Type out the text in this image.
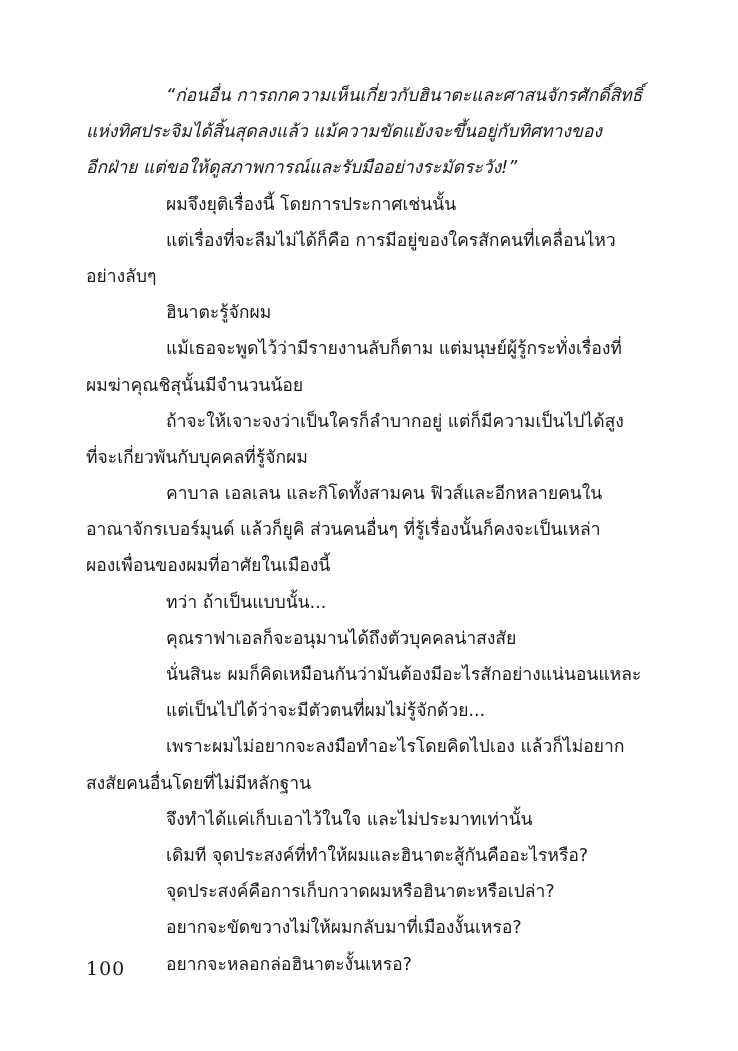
“ก่อนอื่น การถกความเห็นเกี่ยวกับฮินาตะและศาสนจักรศักดิ์สิทธิ์
แห่งทิศประจิมได้สิ้นสุดลงแล้ว แม้ความขัดแย้งจะขึ้นอยู่กับทิศทางของ
อีกฝ่าย แต่ขอให้ดูสภาพการณ์และรับมืออย่างระมัดระวัง!”
ผมจึงยุติเรื่องนี้ โดยการประกาศเช่นนั้น
แต่เรื่องที่จะลืมไม่ได้ก็คือ การมีอยู่ของใครสักคนที่เคลื่อนไหว
อย่างลับๆ
ฮินาตะรู้จักผม
แม้เธอจะพูดไว้ว่ามีรายงานลับก็ตาม แต่มนุษย์ผู้รู้กระทั่งเรื่องที่
ผมฆ่าคุณชิสุนั้นมีจำนวนน้อย
ถ้าจะให้เจาะจงว่าเป็นใครก็ลำบากอยู่ แต่ก็มีความเป็นไปได้สูง
ที่จะเกี่ยวพันกับบุคคลที่รู้จักผม
คาบาล เอลเลน และกิโดทั้งสามคน ฟิวส์และอีกหลายคนใน
อาณาจักรเบอร์มุนด์ แล้วก็ยูคิ ส่วนคนอื่นๆ ที่รู้เรื่องนั้นก็คงจะเป็นเหล่า
ผองเพื่อนของผมที่อาศัยในเมืองนี้
ทว่า ถ้าเป็นแบบนั้น...
คุณราฟาเอลก็จะอนุมานได้ถึงตัวบุคคลน่าสงสัย
นั่นสินะ ผมก็คิดเหมือนกันว่ามันต้องมีอะไรสักอย่างแน่นอนแหละ
แต่เป็นไปได้ว่าจะมีตัวตนที่ผมไม่รู้จักด้วย...
เพราะผมไม่อยากจะลงมือทำอะไรโดยคิดไปเอง แล้วก็ไม่อยาก
สงสัยคนอื่นโดยที่ไม่มีหลักฐาน
จึงทำได้แค่เก็บเอาไว้ในใจ และไม่ประมาทเท่านั้น
เดิมที จุดประสงค์ที่ทำให้ผมและฮินาตะสู้กันคืออะไรหรือ?
จุดประสงค์คือการเก็บกวาดผมหรือฮินาตะหรือเปล่า?
อยากจะขัดขวางไม่ให้ผมกลับมาที่เมืองงั้นเหรอ?
อยากจะหลอกล่อฮินาตะงั้นเหรอ?
100
